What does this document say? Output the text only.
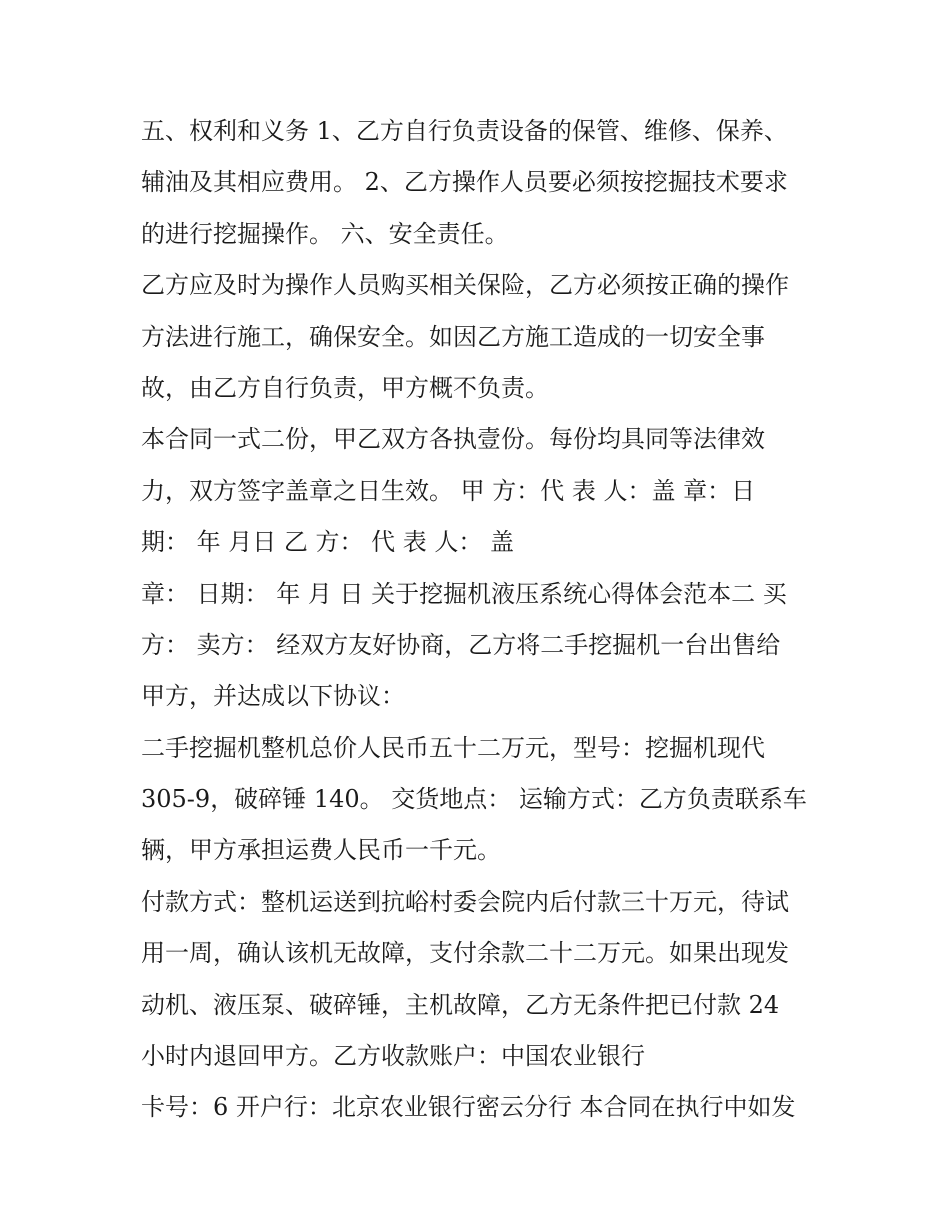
五、权利和义务 1、乙方自行负责设备的保管、维修、保养、
辅油及其相应费用。 2、乙方操作人员要必须按挖掘技术要求
的进行挖掘操作。 六、安全责任。
乙方应及时为操作人员购买相关保险，乙方必须按正确的操作
方法进行施工，确保安全。如因乙方施工造成的一切安全事
故，由乙方自行负责，甲方概不负责。
本合同一式二份，甲乙双方各执壹份。每份均具同等法律效
力，双方签字盖章之日生效。 甲 方：代 表 人：盖 章：日
期： 年 月日 乙 方： 代 表 人： 盖
章： 日期： 年 月 日 关于挖掘机液压系统心得体会范本二 买
方： 卖方： 经双方友好协商，乙方将二手挖掘机一台出售给
甲方，并达成以下协议：
二手挖掘机整机总价人民币五十二万元，型号：挖掘机现代
305-9，破碎锤 140。 交货地点： 运输方式：乙方负责联系车
辆，甲方承担运费人民币一千元。
付款方式：整机运送到抗峪村委会院内后付款三十万元，待试
用一周，确认该机无故障，支付余款二十二万元。如果出现发
动机、液压泵、破碎锤，主机故障，乙方无条件把已付款 24
小时内退回甲方。乙方收款账户：中国农业银行
卡号：6 开户行：北京农业银行密云分行 本合同在执行中如发
